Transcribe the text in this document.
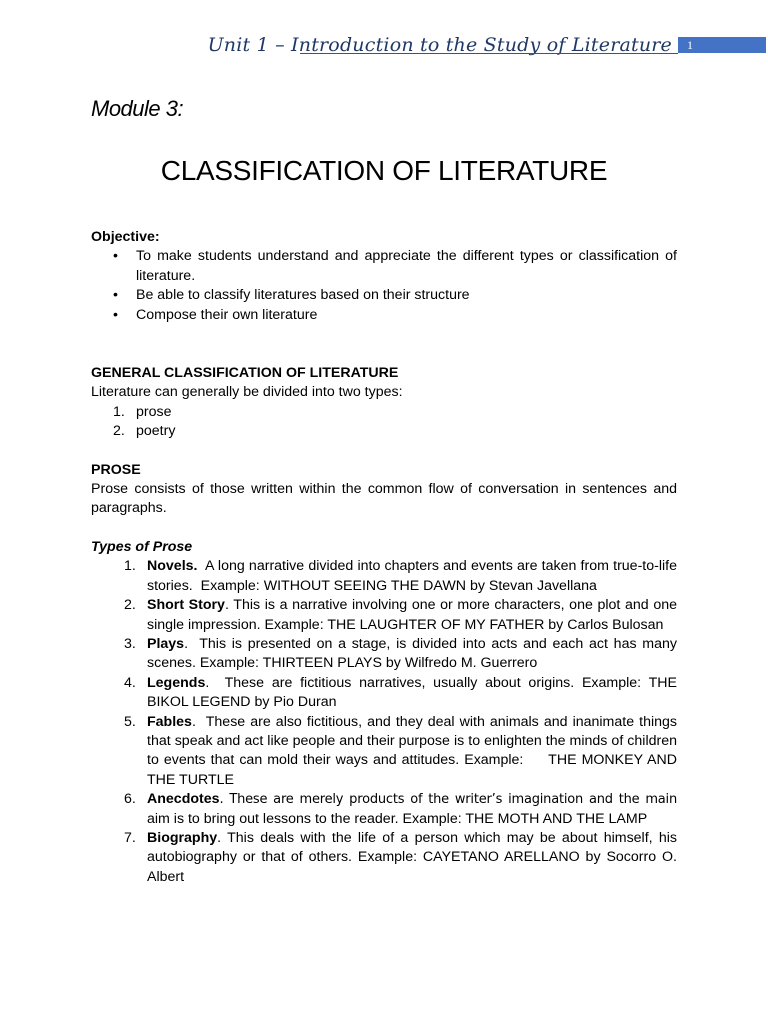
Unit 1 – Introduction to the Study of Literature	1
Module 3:
CLASSIFICATION OF LITERATURE
Objective:
• To make students understand and appreciate the different types or classification of literature.
• Be able to classify literatures based on their structure
• Compose their own literature
GENERAL CLASSIFICATION OF LITERATURE
Literature can generally be divided into two types:
1. prose
2. poetry
PROSE
Prose consists of those written within the common flow of conversation in sentences and paragraphs.
Types of Prose
1. Novels.  A long narrative divided into chapters and events are taken from true-to-life stories.  Example: WITHOUT SEEING THE DAWN by Stevan Javellana
2. Short Story. This is a narrative involving one or more characters, one plot and one single impression. Example: THE LAUGHTER OF MY FATHER by Carlos Bulosan
3. Plays.  This is presented on a stage, is divided into acts and each act has many scenes. Example: THIRTEEN PLAYS by Wilfredo M. Guerrero
4. Legends.  These are fictitious narratives, usually about origins. Example: THE BIKOL LEGEND by Pio Duran
5. Fables.  These are also fictitious, and they deal with animals and inanimate things that speak and act like people and their purpose is to enlighten the minds of children to events that can mold their ways and attitudes. Example:     THE MONKEY AND THE TURTLE
6. Anecdotes. These are merely products of the writer’s imagination and the main aim is to bring out lessons to the reader. Example: THE MOTH AND THE LAMP
7. Biography. This deals with the life of a person which may be about himself, his autobiography or that of others. Example: CAYETANO ARELLANO by Socorro O. Albert
